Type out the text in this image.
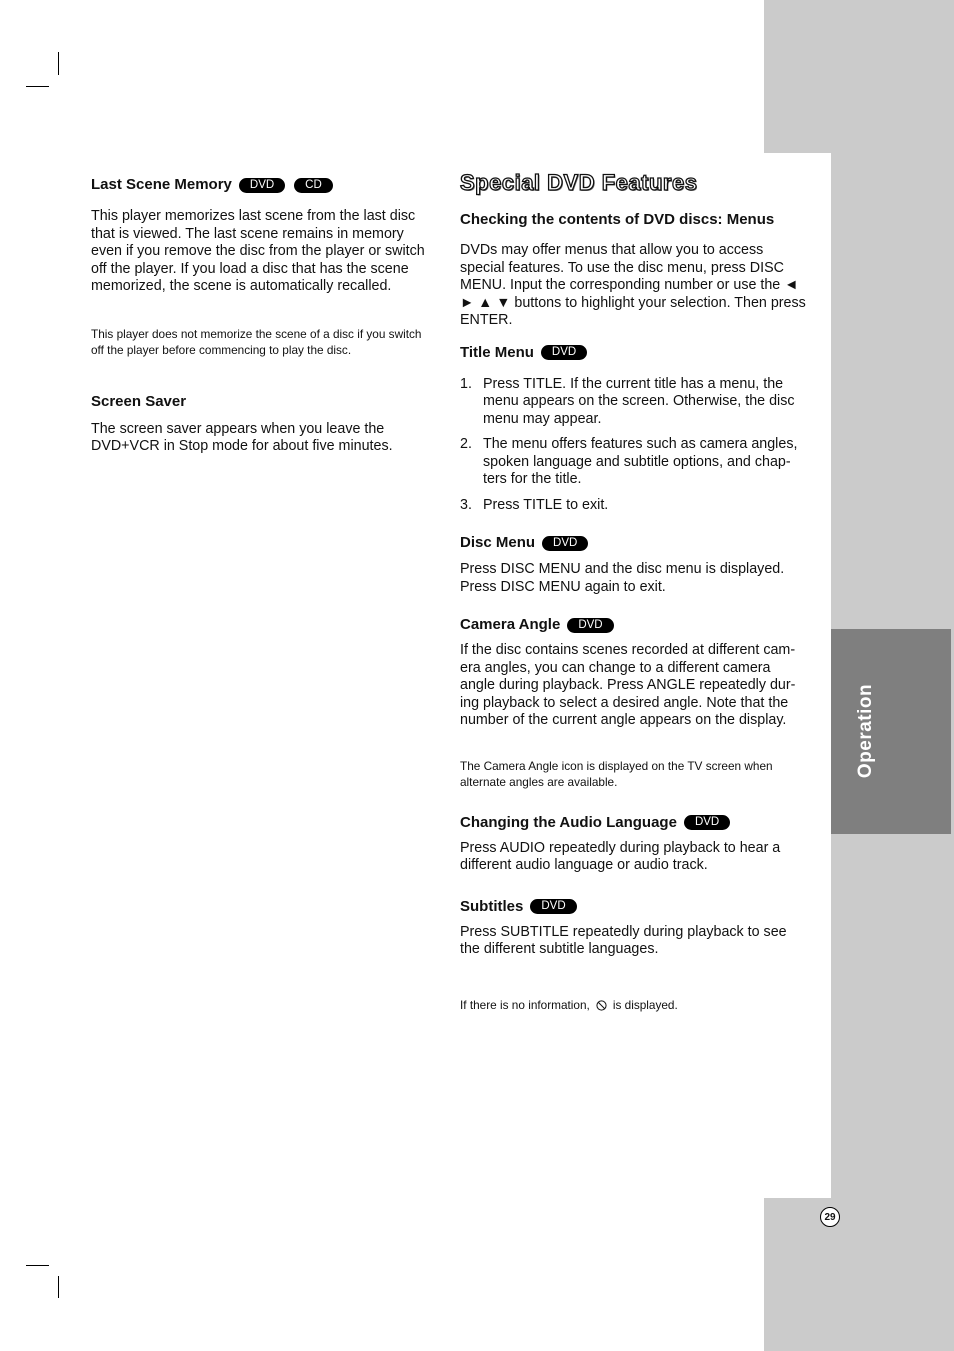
Operation
29
Last Scene Memory	DVD	CD

This player memorizes last scene from the last disc that is viewed. The last scene remains in memory even if you remove the disc from the player or switch off the player. If you load a disc that has the scene memorized, the scene is automatically recalled.

This player does not memorize the scene of a disc if you switch off the player before commencing to play the disc.

Screen Saver

The screen saver appears when you leave the DVD+VCR in Stop mode for about five minutes.

Special DVD Features
Checking the contents of DVD discs: Menus

DVDs may offer menus that allow you to access special features. To use the disc menu, press DISC MENU. Input the corresponding number or use the ◄ ► ▲ ▼ buttons to highlight your selection. Then press ENTER.

Title Menu	DVD
1. Press TITLE. If the current title has a menu, the menu appears on the screen. Otherwise, the disc menu may appear.
2. The menu offers features such as camera angles, spoken language and subtitle options, and chap-ters for the title.
3. Press TITLE to exit.
Disc Menu	DVD

Press DISC MENU and the disc menu is displayed. Press DISC MENU again to exit.

Camera Angle	DVD

If the disc contains scenes recorded at different cam-era angles, you can change to a different camera angle during playback. Press ANGLE repeatedly dur-ing playback to select a desired angle. Note that the number of the current angle appears on the display.

The Camera Angle icon is displayed on the TV screen when alternate angles are available.

Changing the Audio Language	DVD

Press AUDIO repeatedly during playback to hear a different audio language or audio track.

Subtitles	DVD

Press SUBTITLE repeatedly during playback to see the different subtitle languages.

If there is no information, is displayed.
